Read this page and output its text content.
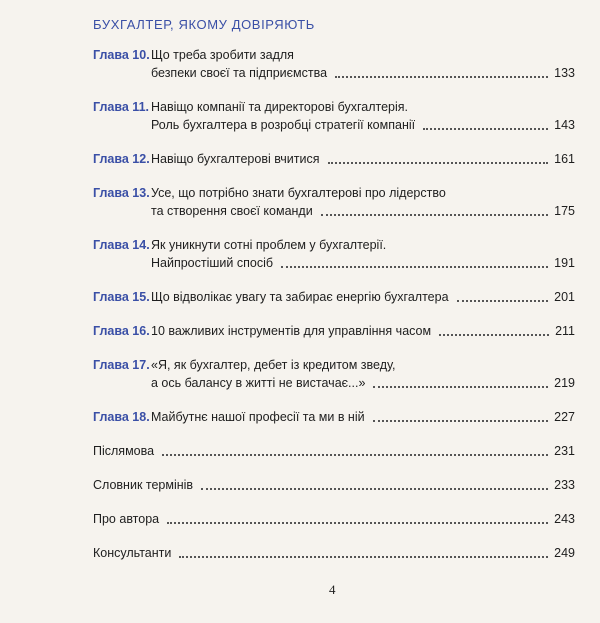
БУХГАЛТЕР, ЯКОМУ ДОВІРЯЮТЬ
Глава 10. Що треба зробити задля
безпеки своєї та підприємства	133
Глава 11. Навіщо компанії та директорові бухгалтерія.
Роль бухгалтера в розробці стратегії компанії	143
Глава 12. Навіщо бухгалтерові вчитися	161
Глава 13. Усе, що потрібно знати бухгалтерові про лідерство
та створення своєї команди	175
Глава 14. Як уникнути сотні проблем у бухгалтерії.
Найпростіший спосіб	191
Глава 15. Що відволікає увагу та забирає енергію бухгалтера	201
Глава 16. 10 важливих інструментів для управління часом	211
Глава 17. «Я, як бухгалтер, дебет із кредитом зведу,
а ось балансу в житті не вистачає...»	219
Глава 18. Майбутнє нашої професії та ми в ній	227
Післямова	231
Словник термінів	233
Про автора	243
Консультанти	249
4
